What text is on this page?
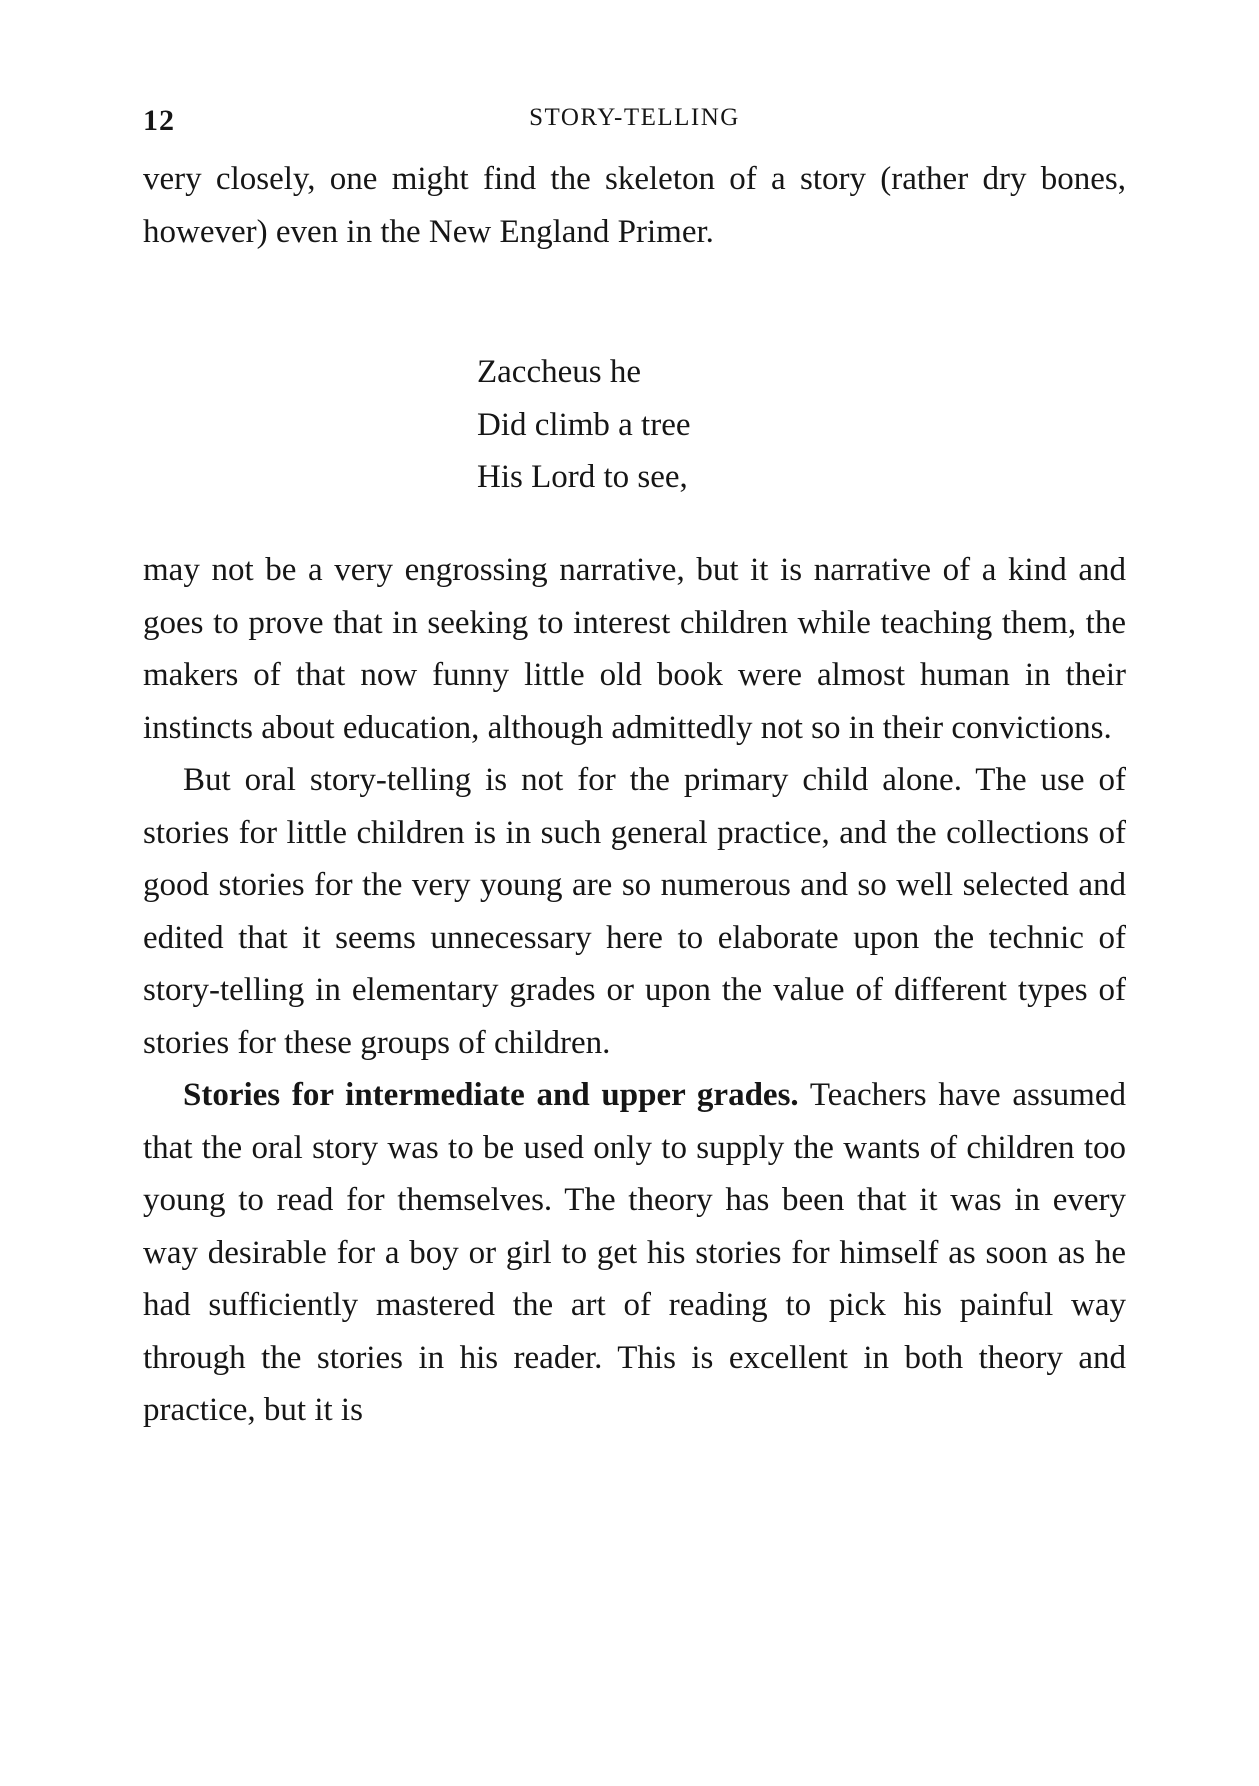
12	STORY-TELLING

very closely, one might find the skeleton of a story (rather dry bones, however) even in the New England Primer.

Zaccheus he
Did climb a tree
His Lord to see,

may not be a very engrossing narrative, but it is narrative of a kind and goes to prove that in seeking to interest children while teaching them, the makers of that now funny little old book were almost human in their instincts about education, although admittedly not so in their convictions.

But oral story-telling is not for the primary child alone. The use of stories for little children is in such general practice, and the collections of good stories for the very young are so numerous and so well selected and edited that it seems unnecessary here to elaborate upon the technic of story-telling in elementary grades or upon the value of different types of stories for these groups of children.

Stories for intermediate and upper grades. Teachers have assumed that the oral story was to be used only to supply the wants of children too young to read for themselves. The theory has been that it was in every way desirable for a boy or girl to get his stories for himself as soon as he had sufficiently mastered the art of reading to pick his painful way through the stories in his reader. This is excellent in both theory and practice, but it is
